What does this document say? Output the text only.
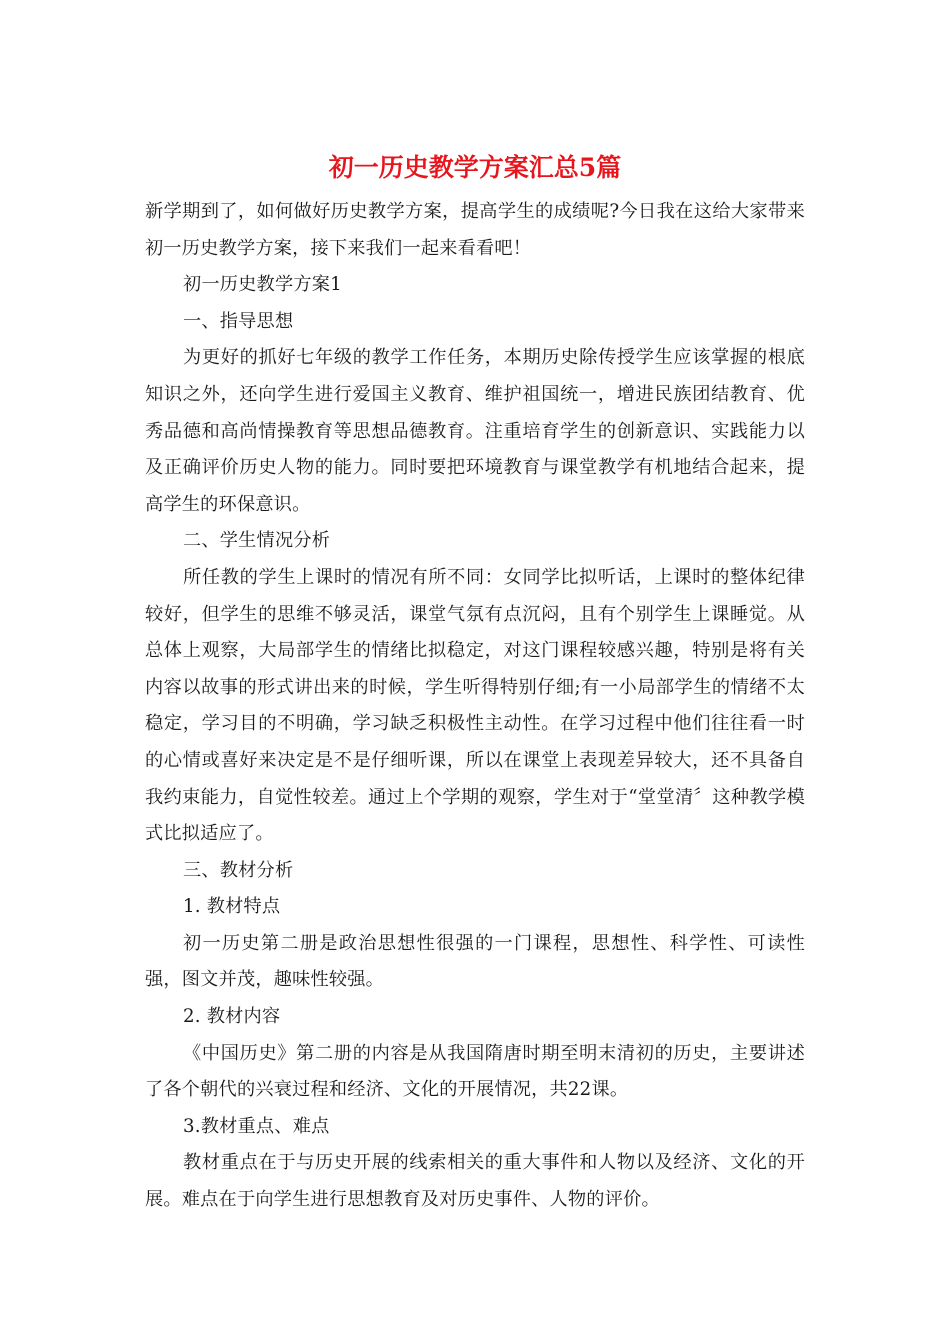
初一历史教学方案汇总5篇

新学期到了，如何做好历史教学方案，提高学生的成绩呢?今日我在这给大家带来初一历史教学方案，接下来我们一起来看看吧！

初一历史教学方案1

一、指导思想

为更好的抓好七年级的教学工作任务，本期历史除传授学生应该掌握的根底知识之外，还向学生进行爱国主义教育、维护祖国统一，增进民族团结教育、优秀品德和高尚情操教育等思想品德教育。注重培育学生的创新意识、实践能力以及正确评价历史人物的能力。同时要把环境教育与课堂教学有机地结合起来，提高学生的环保意识。

二、学生情况分析

所任教的学生上课时的情况有所不同：女同学比拟听话，上课时的整体纪律较好，但学生的思维不够灵活，课堂气氛有点沉闷，且有个别学生上课睡觉。从总体上观察，大局部学生的情绪比拟稳定，对这门课程较感兴趣，特别是将有关内容以故事的形式讲出来的时候，学生听得特别仔细;有一小局部学生的情绪不太稳定，学习目的不明确，学习缺乏积极性主动性。在学习过程中他们往往看一时的心情或喜好来决定是不是仔细听课，所以在课堂上表现差异较大，还不具备自我约束能力，自觉性较差。通过上个学期的观察，学生对于“堂堂清〞这种教学模式比拟适应了。

三、教材分析

1. 教材特点

初一历史第二册是政治思想性很强的一门课程，思想性、科学性、可读性强，图文并茂，趣味性较强。

2. 教材内容

《中国历史》第二册的内容是从我国隋唐时期至明末清初的历史，主要讲述了各个朝代的兴衰过程和经济、文化的开展情况，共22课。

3.教材重点、难点

教材重点在于与历史开展的线索相关的重大事件和人物以及经济、文化的开展。难点在于向学生进行思想教育及对历史事件、人物的评价。
